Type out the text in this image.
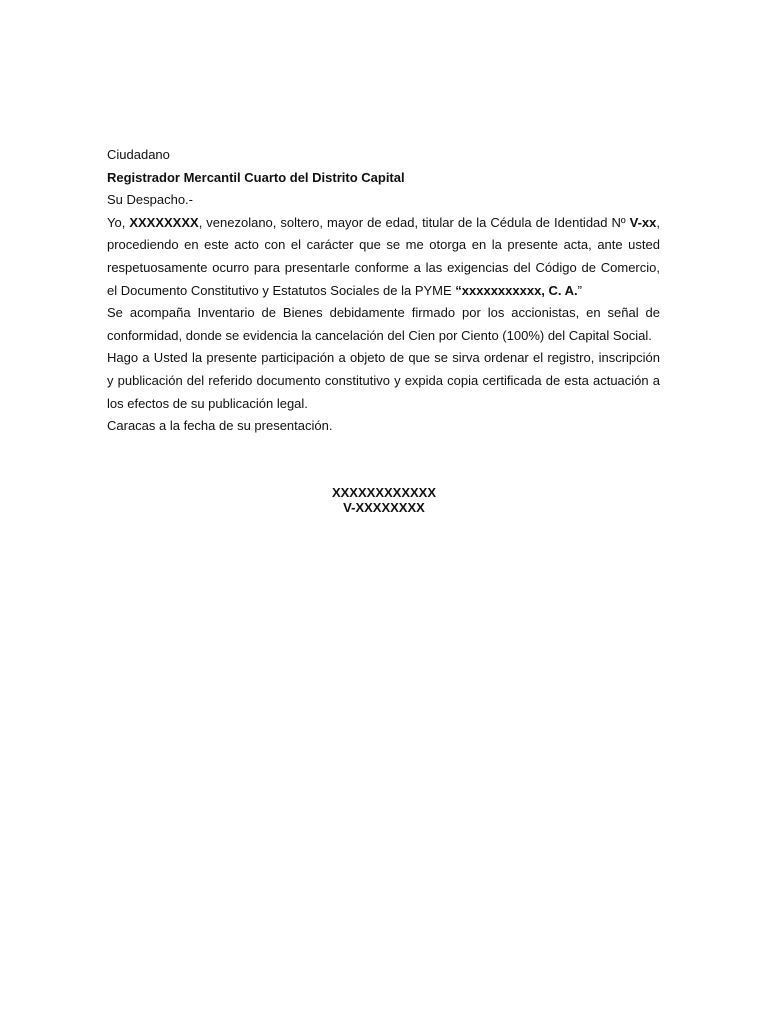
Ciudadano
Registrador Mercantil Cuarto del Distrito Capital
Su Despacho.-

Yo, XXXXXXXX, venezolano, soltero, mayor de edad, titular de la Cédula de Identidad Nº V-xx, procediendo en este acto con el carácter que se me otorga en la presente acta, ante usted respetuosamente ocurro para presentarle conforme a las exigencias del Código de Comercio, el Documento Constitutivo y Estatutos Sociales de la PYME “xxxxxxxxxxx, C. A.”

Se acompaña Inventario de Bienes debidamente firmado por los accionistas, en señal de conformidad, donde se evidencia la cancelación del Cien por Ciento (100%) del Capital Social.

Hago a Usted la presente participación a objeto de que se sirva ordenar el registro, inscripción y publicación del referido documento constitutivo y expida copia certificada de esta actuación a los efectos de su publicación legal.

Caracas a la fecha de su presentación.
XXXXXXXXXXXX
V-XXXXXXXX
